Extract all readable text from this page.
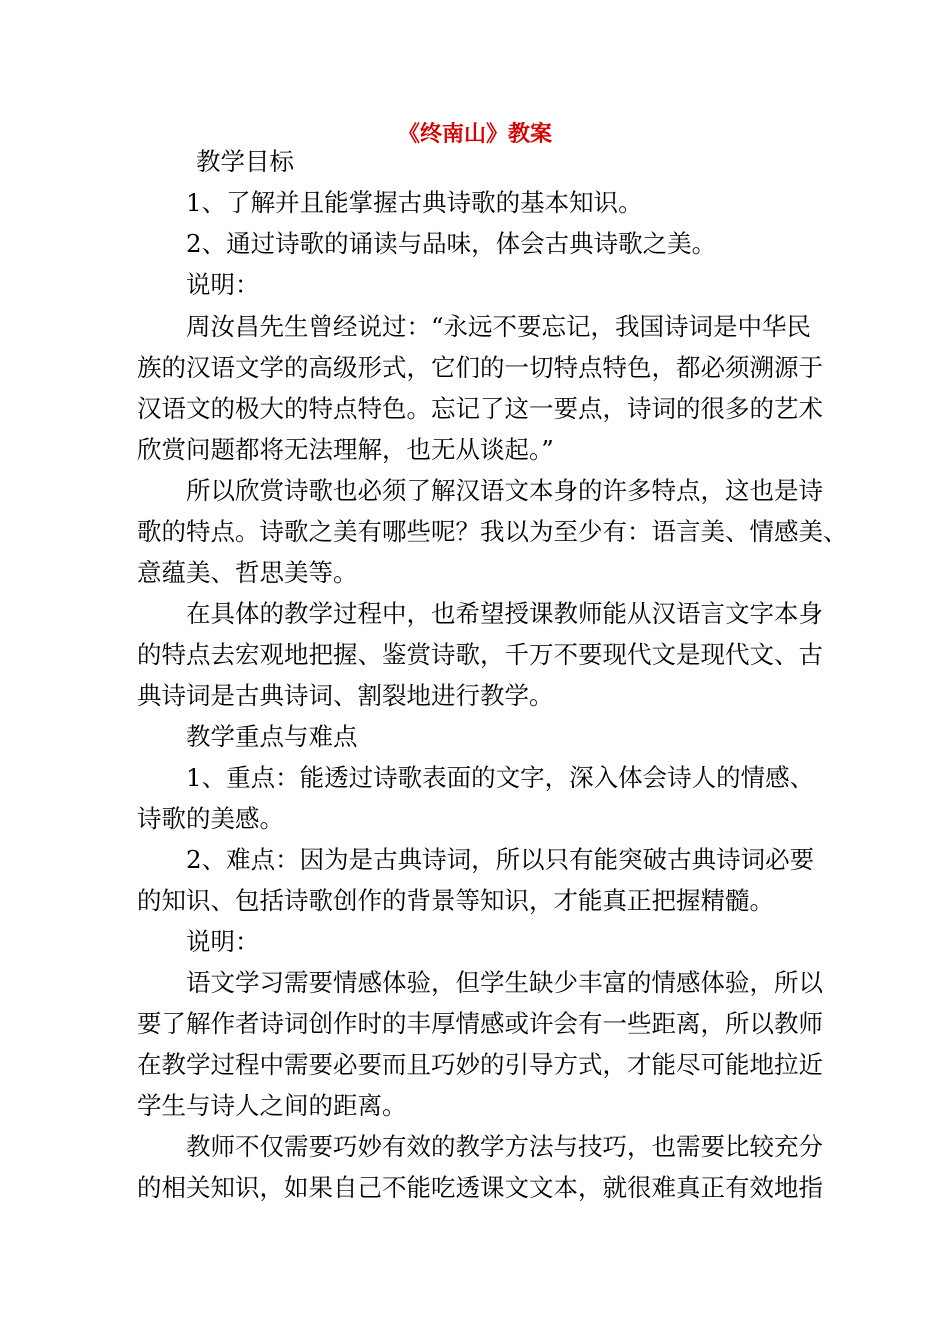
《终南山》教案

教学目标

1、了解并且能掌握古典诗歌的基本知识。

2、通过诗歌的诵读与品味，体会古典诗歌之美。

说明：

周汝昌先生曾经说过：“永远不要忘记，我国诗词是中华民

族的汉语文学的高级形式，它们的一切特点特色，都必须溯源于

汉语文的极大的特点特色。忘记了这一要点，诗词的很多的艺术

欣赏问题都将无法理解，也无从谈起。”

所以欣赏诗歌也必须了解汉语文本身的许多特点，这也是诗

歌的特点。诗歌之美有哪些呢？我以为至少有：语言美、情感美、

意蕴美、哲思美等。

在具体的教学过程中，也希望授课教师能从汉语言文字本身

的特点去宏观地把握、鉴赏诗歌，千万不要现代文是现代文、古

典诗词是古典诗词、割裂地进行教学。

教学重点与难点

1、重点：能透过诗歌表面的文字，深入体会诗人的情感、

诗歌的美感。

2、难点：因为是古典诗词，所以只有能突破古典诗词必要

的知识、包括诗歌创作的背景等知识，才能真正把握精髓。

说明：

语文学习需要情感体验，但学生缺少丰富的情感体验，所以

要了解作者诗词创作时的丰厚情感或许会有一些距离，所以教师

在教学过程中需要必要而且巧妙的引导方式，才能尽可能地拉近

学生与诗人之间的距离。

教师不仅需要巧妙有效的教学方法与技巧，也需要比较充分

的相关知识，如果自己不能吃透课文文本，就很难真正有效地指
